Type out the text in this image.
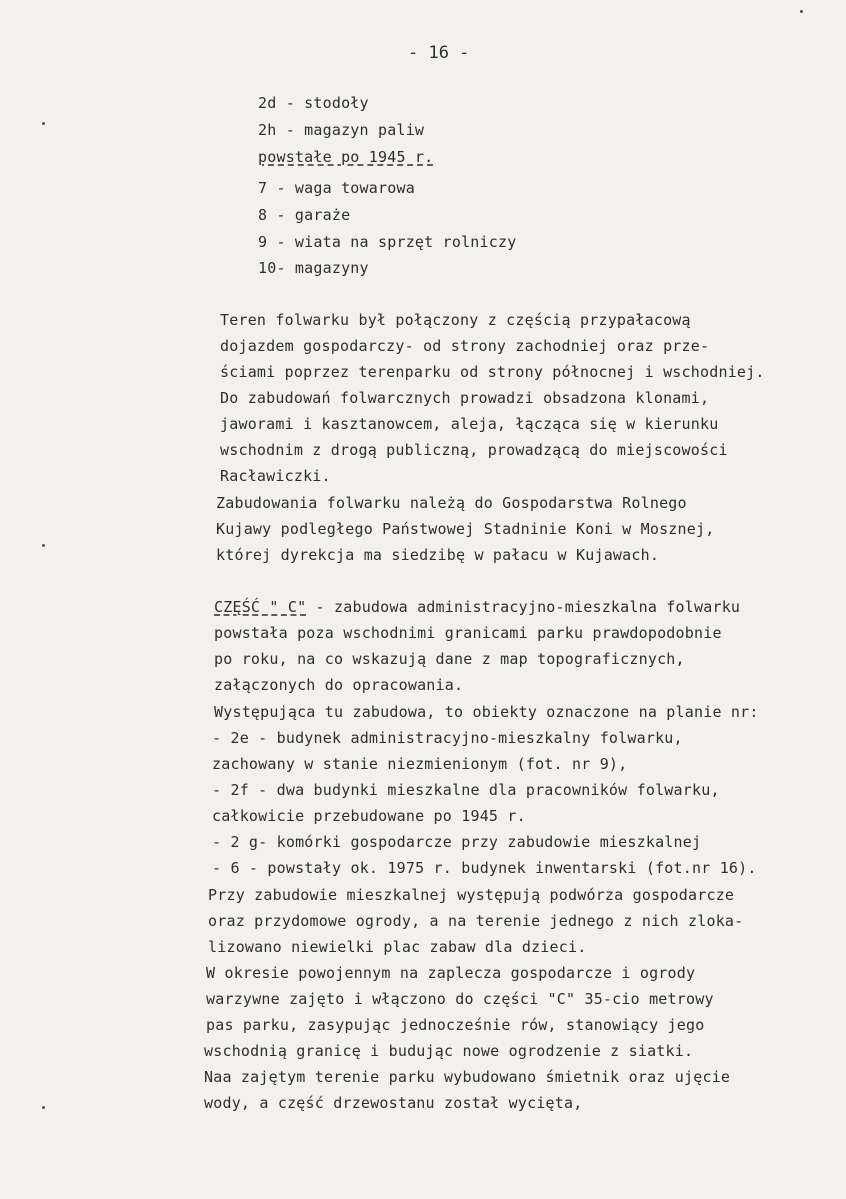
- 16 -
2d - stodoły
2h - magazyn paliw
powstałe po 1945 r.
7 - waga towarowa
8 - garaże
9 - wiata na sprzęt rolniczy
10- magazyny
Teren folwarku był połączony z częścią przypałacową
dojazdem gospodarczy- od strony zachodniej oraz prze-
ściami poprzez terenparku od strony północnej i wschodniej.
Do zabudowań folwarcznych prowadzi obsadzona klonami,
jaworami i kasztanowcem, aleja, łącząca się w kierunku
wschodnim z drogą publiczną, prowadzącą do miejscowości
Racławiczki.
Zabudowania folwarku należą do Gospodarstwa Rolnego
Kujawy podległego Państwowej Stadninie Koni w Mosznej,
której dyrekcja ma siedzibę w pałacu w Kujawach.
CZĘŚĆ " C" - zabudowa administracyjno-mieszkalna folwarku
powstała poza wschodnimi granicami parku prawdopodobnie
po roku, na co wskazują dane z map topograficznych,
załączonych do opracowania.
Występująca tu zabudowa, to obiekty oznaczone na planie nr:
- 2e - budynek administracyjno-mieszkalny folwarku,
zachowany w stanie niezmienionym (fot. nr 9),
- 2f - dwa budynki mieszkalne dla pracowników folwarku,
całkowicie przebudowane po 1945 r.
- 2 g- komórki gospodarcze przy zabudowie mieszkalnej
- 6 - powstały ok. 1975 r. budynek inwentarski (fot.nr 16).
Przy zabudowie mieszkalnej występują podwórza gospodarcze
oraz przydomowe ogrody, a na terenie jednego z nich zloka-
lizowano niewielki plac zabaw dla dzieci.
W okresie powojennym na zaplecza gospodarcze i ogrody
warzywne zajęto i włączono do części "C" 35-cio metrowy
pas parku, zasypując jednocześnie rów, stanowiący jego
wschodnią granicę i budując nowe ogrodzenie z siatki.
Naa zajętym terenie parku wybudowano śmietnik oraz ujęcie
wody, a część drzewostanu został wycięta,
